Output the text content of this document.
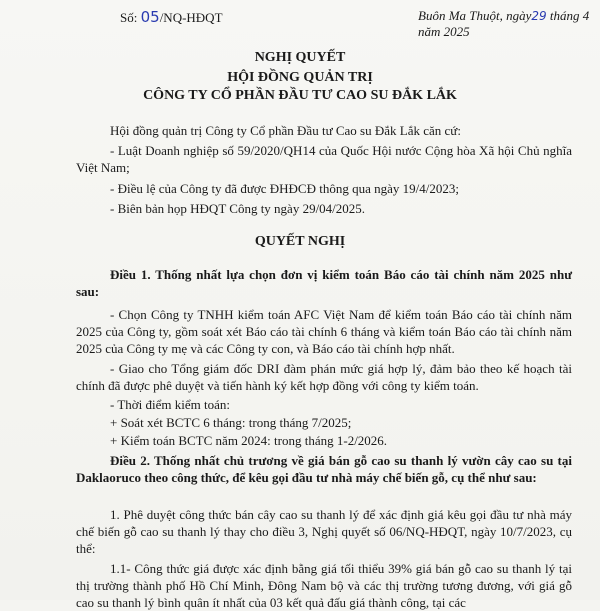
Số: 05/NQ-HĐQT	Buôn Ma Thuột, ngày29 tháng 4 năm 2025
NGHỊ QUYẾT
HỘI ĐỒNG QUẢN TRỊ
CÔNG TY CỔ PHẦN ĐẦU TƯ CAO SU ĐẮK LẮK
Hội đồng quản trị Công ty Cổ phần Đầu tư Cao su Đắk Lắk căn cứ:
- Luật Doanh nghiệp số 59/2020/QH14 của Quốc Hội nước Cộng hòa Xã hội Chủ nghĩa Việt Nam;
- Điều lệ của Công ty đã được ĐHĐCĐ thông qua ngày 19/4/2023;
- Biên bản họp HĐQT Công ty ngày 29/04/2025.
QUYẾT NGHỊ
Điều 1. Thống nhất lựa chọn đơn vị kiểm toán Báo cáo tài chính năm 2025 như sau:
- Chọn Công ty TNHH kiểm toán AFC Việt Nam để kiểm toán Báo cáo tài chính năm 2025 của Công ty, gồm soát xét Báo cáo tài chính 6 tháng và kiểm toán Báo cáo tài chính năm 2025 của Công ty mẹ và các Công ty con, và Báo cáo tài chính hợp nhất.
- Giao cho Tổng giám đốc DRI đàm phán mức giá hợp lý, đảm bảo theo kế hoạch tài chính đã được phê duyệt và tiến hành ký kết hợp đồng với công ty kiểm toán.
- Thời điểm kiểm toán:
+ Soát xét BCTC 6 tháng: trong tháng 7/2025;
+ Kiểm toán BCTC năm 2024: trong tháng 1-2/2026.
Điều 2. Thống nhất chủ trương về giá bán gỗ cao su thanh lý vườn cây cao su tại Daklaoruco theo công thức, để kêu gọi đầu tư nhà máy chế biến gỗ, cụ thể như sau:
1. Phê duyệt công thức bán cây cao su thanh lý để xác định giá kêu gọi đầu tư nhà máy chế biến gỗ cao su thanh lý thay cho điều 3, Nghị quyết số 06/NQ-HĐQT, ngày 10/7/2023, cụ thể:
1.1- Công thức giá được xác định bằng giá tối thiểu 39% giá bán gỗ cao su thanh lý tại thị trường thành phố Hồ Chí Minh, Đông Nam bộ và các thị trường tương đương, với giá gỗ cao su thanh lý bình quân ít nhất của 03 kết quả đấu giá thành công, tại các
